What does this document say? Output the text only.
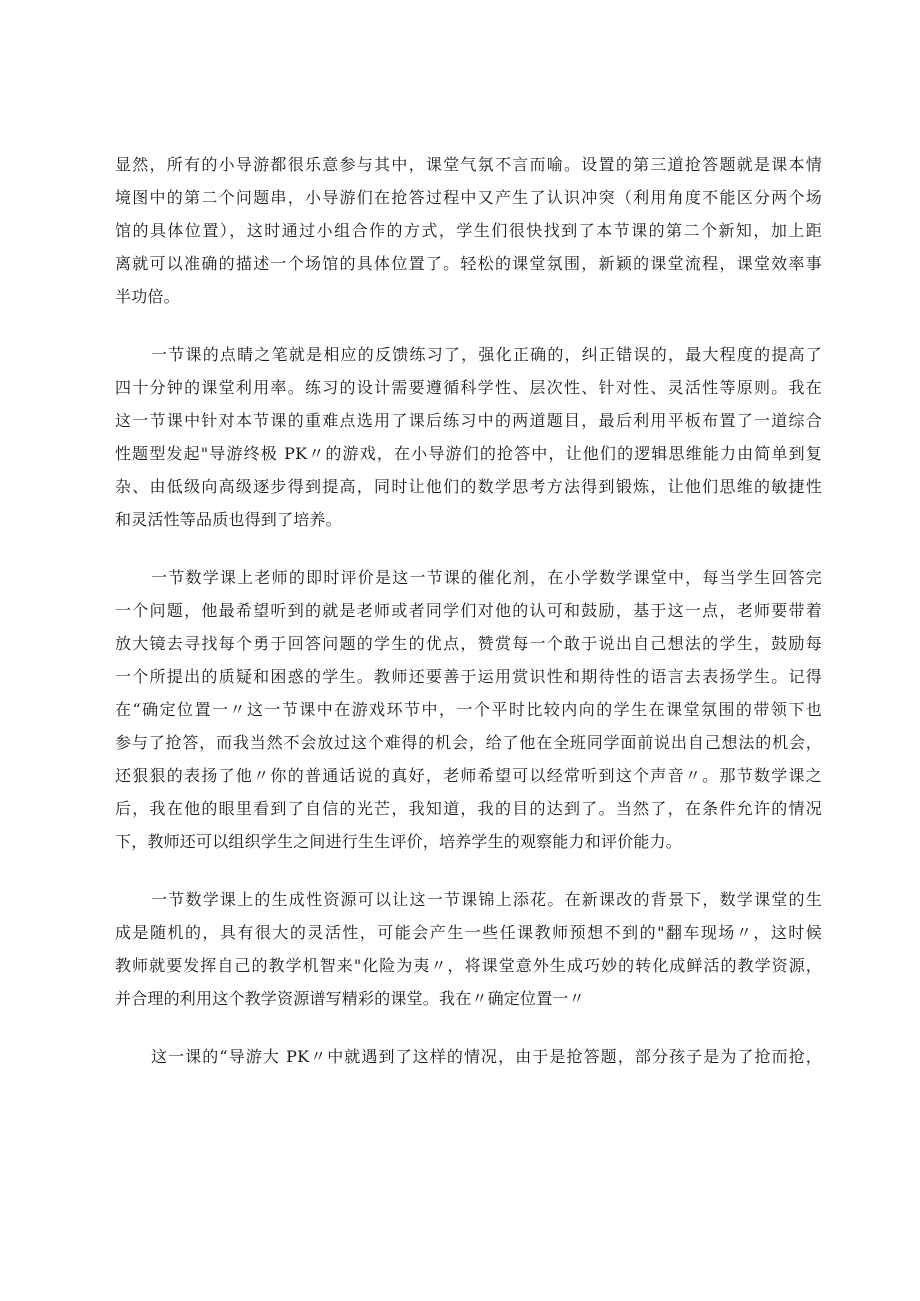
显然，所有的小导游都很乐意参与其中，课堂气氛不言而喻。设置的第三道抢答题就是课本情
境图中的第二个问题串，小导游们在抢答过程中又产生了认识冲突（利用角度不能区分两个场
馆的具体位置），这时通过小组合作的方式，学生们很快找到了本节课的第二个新知，加上距
离就可以准确的描述一个场馆的具体位置了。轻松的课堂氛围，新颖的课堂流程，课堂效率事
半功倍。
一节课的点睛之笔就是相应的反馈练习了，强化正确的，纠正错误的，最大程度的提高了
四十分钟的课堂利用率。练习的设计需要遵循科学性、层次性、针对性、灵活性等原则。我在
这一节课中针对本节课的重难点选用了课后练习中的两道题目，最后利用平板布置了一道综合
性题型发起"导游终极 PK〃的游戏，在小导游们的抢答中，让他们的逻辑思维能力由简单到复
杂、由低级向高级逐步得到提高，同时让他们的数学思考方法得到锻炼，让他们思维的敏捷性
和灵活性等品质也得到了培养。
一节数学课上老师的即时评价是这一节课的催化剂，在小学数学课堂中，每当学生回答完
一个问题，他最希望听到的就是老师或者同学们对他的认可和鼓励，基于这一点，老师要带着
放大镜去寻找每个勇于回答问题的学生的优点，赞赏每一个敢于说出自己想法的学生，鼓励每
一个所提出的质疑和困惑的学生。教师还要善于运用赏识性和期待性的语言去表扬学生。记得
在“确定位置一〃这一节课中在游戏环节中，一个平时比较内向的学生在课堂氛围的带领下也
参与了抢答，而我当然不会放过这个难得的机会，给了他在全班同学面前说出自己想法的机会，
还狠狠的表扬了他〃你的普通话说的真好，老师希望可以经常听到这个声音〃。那节数学课之
后，我在他的眼里看到了自信的光芒，我知道，我的目的达到了。当然了，在条件允许的情况
下，教师还可以组织学生之间进行生生评价，培养学生的观察能力和评价能力。
一节数学课上的生成性资源可以让这一节课锦上添花。在新课改的背景下，数学课堂的生
成是随机的，具有很大的灵活性，可能会产生一些任课教师预想不到的"翻车现场〃，这时候
教师就要发挥自己的教学机智来"化险为夷〃，将课堂意外生成巧妙的转化成鲜活的教学资源，
并合理的利用这个教学资源谱写精彩的课堂。我在〃确定位置一〃
这一课的“导游大 PK〃中就遇到了这样的情况，由于是抢答题，部分孩子是为了抢而抢，
